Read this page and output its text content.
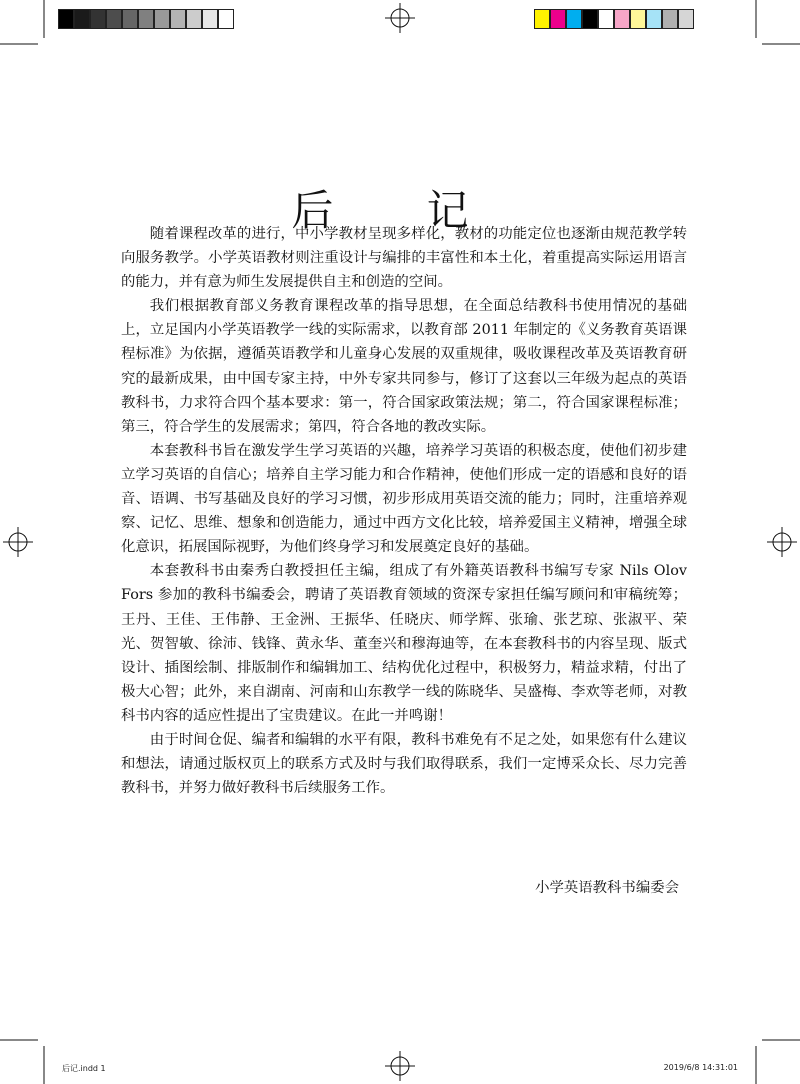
后 记

随着课程改革的进行，中小学教材呈现多样化，教材的功能定位也逐渐由规范教学转向服务教学。小学英语教材则注重设计与编排的丰富性和本土化，着重提高实际运用语言的能力，并有意为师生发展提供自主和创造的空间。

我们根据教育部义务教育课程改革的指导思想，在全面总结教科书使用情况的基础上，立足国内小学英语教学一线的实际需求，以教育部 2011 年制定的《义务教育英语课程标准》为依据，遵循英语教学和儿童身心发展的双重规律，吸收课程改革及英语教育研究的最新成果，由中国专家主持，中外专家共同参与，修订了这套以三年级为起点的英语教科书，力求符合四个基本要求：第一，符合国家政策法规；第二，符合国家课程标准；第三，符合学生的发展需求；第四，符合各地的教改实际。

本套教科书旨在激发学生学习英语的兴趣，培养学习英语的积极态度，使他们初步建立学习英语的自信心；培养自主学习能力和合作精神，使他们形成一定的语感和良好的语音、语调、书写基础及良好的学习习惯，初步形成用英语交流的能力；同时，注重培养观察、记忆、思维、想象和创造能力，通过中西方文化比较，培养爱国主义精神，增强全球化意识，拓展国际视野，为他们终身学习和发展奠定良好的基础。

本套教科书由秦秀白教授担任主编，组成了有外籍英语教科书编写专家 Nils Olov Fors 参加的教科书编委会，聘请了英语教育领域的资深专家担任编写顾问和审稿统筹；王丹、王佳、王伟静、王金洲、王振华、任晓庆、师学辉、张瑜、张艺琼、张淑平、荣光、贺智敏、徐沛、钱锋、黄永华、董奎兴和穆海迪等，在本套教科书的内容呈现、版式设计、插图绘制、排版制作和编辑加工、结构优化过程中，积极努力，精益求精，付出了极大心智；此外，来自湖南、河南和山东教学一线的陈晓华、吴盛梅、李欢等老师，对教科书内容的适应性提出了宝贵建议。在此一并鸣谢！

由于时间仓促、编者和编辑的水平有限，教科书难免有不足之处，如果您有什么建议和想法，请通过版权页上的联系方式及时与我们取得联系，我们一定博采众长、尽力完善教科书，并努力做好教科书后续服务工作。

小学英语教科书编委会
后记.indd 1	2019/6/8 14:31:01
